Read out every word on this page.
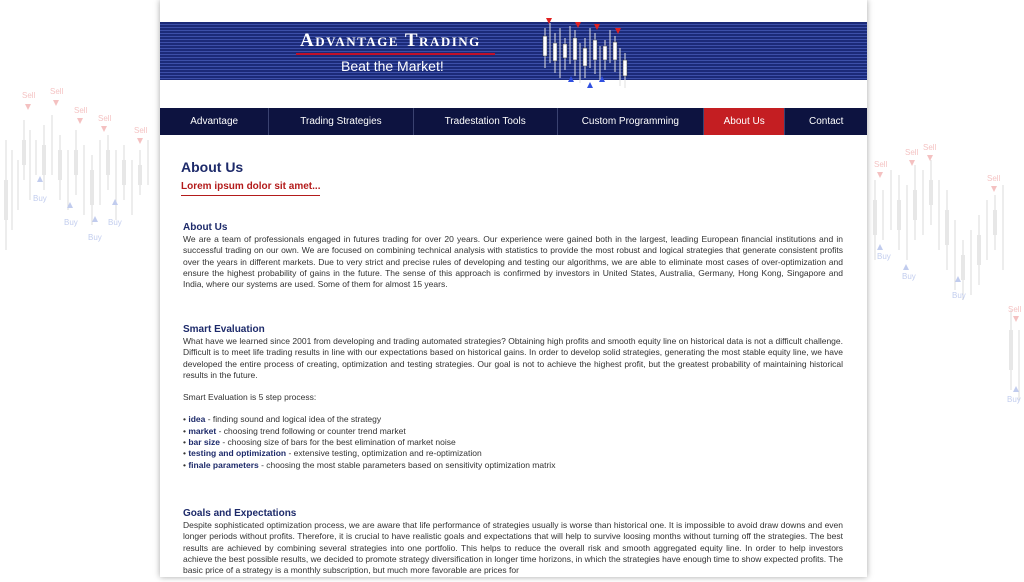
Sell Sell
Sell
Sell
Sell
Buy
Buy
Buy
Buy
Sell
Sell
Sell
Sell
Sell
Buy
Buy
Buy
Buy
Advantage Trading
Beat the Market!
Advantage	Trading Strategies	Tradestation Tools	Custom Programming	About Us	Contact
About Us
Lorem ipsum dolor sit amet...
About Us
We are a team of professionals engaged in futures trading for over 20 years. Our experience were gained both in the largest, leading European financial institutions and in successful trading on our own. We are focused on combining technical analysis with statistics to provide the most robust and logical strategies that generate consistent profits over the years in different markets. Due to very strict and precise rules of developing and testing our algorithms, we are able to eliminate most cases of over-optimization and ensure the highest probability of gains in the future. The sense of this approach is confirmed by investors in United States, Australia, Germany, Hong Kong, Singapore and India, where our systems are used. Some of them for almost 15 years.
Smart Evaluation
What have we learned since 2001 from developing and trading automated strategies? Obtaining high profits and smooth equity line on historical data is not a difficult challenge. Difficult is to meet life trading results in line with our expectations based on historical gains. In order to develop solid strategies, generating the most stable equity line, we have developed the entire process of creating, optimization and testing strategies. Our goal is not to achieve the highest profit, but the greatest probability of maintaining historical results in the future.
Smart Evaluation is 5 step process:
• idea - finding sound and logical idea of the strategy
• market - choosing trend following or counter trend market
• bar size - choosing size of bars for the best elimination of market noise
• testing and optimization - extensive testing, optimization and re-optimization
• finale parameters - choosing the most stable parameters based on sensitivity optimization matrix
Goals and Expectations
Despite sophisticated optimization process, we are aware that life performance of strategies usually is worse than historical one. It is impossible to avoid draw downs and even longer periods without profits. Therefore, it is crucial to have realistic goals and expectations that will help to survive loosing months without turning off the strategies. The best results are achieved by combining several strategies into one portfolio. This helps to reduce the overall risk and smooth aggregated equity line. In order to help investors achieve the best possible results, we decided to promote strategy diversification in longer time horizons, in which the strategies have enough time to show expected profits. The basic price of a strategy is a monthly subscription, but much more favorable are prices for
